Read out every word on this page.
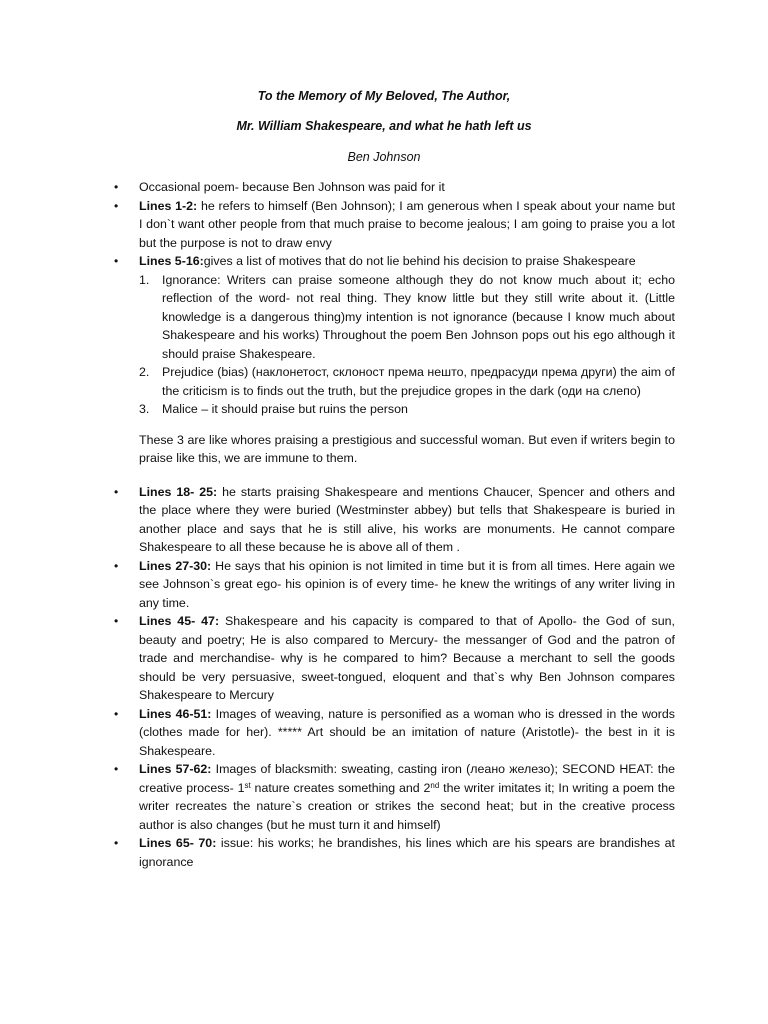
To the Memory of My Beloved, The Author,
Mr. William Shakespeare, and what he hath left us
Ben Johnson
•	Occasional poem- because Ben Johnson was paid for it
•	Lines 1-2: he refers to himself (Ben Johnson); I am generous when I speak about your name but I don`t want other people from that much praise to become jealous; I am going to praise you a lot but the purpose is not to draw envy
•	Lines 5-16:gives a list of motives that do not lie behind his decision to praise Shakespeare
1. Ignorance: Writers can praise someone although they do not know much about it; echo reflection of the word- not real thing. They know little but they still write about it. (Little knowledge is a dangerous thing)my intention is not ignorance (because I know much about Shakespeare and his works) Throughout the poem Ben Johnson pops out his ego although it should praise Shakespeare.
2. Prejudice (bias) (наклонетост, склоност према нешто, предрасуди према други) the aim of the criticism is to finds out the truth, but the prejudice gropes in the dark (оди на слепо)
3. Malice – it should praise but ruins the person

These 3 are like whores praising a prestigious and successful woman. But even if writers begin to praise like this, we are immune to them.

•	Lines 18- 25: he starts praising Shakespeare and mentions Chaucer, Spencer and others and the place where they were buried (Westminster abbey) but tells that Shakespeare is buried in another place and says that he is still alive, his works are monuments. He cannot compare Shakespeare to all these because he is above all of them .
•	Lines 27-30: He says that his opinion is not limited in time but it is from all times. Here again we see Johnson`s great ego- his opinion is of every time- he knew the writings of any writer living in any time.
•	Lines 45- 47: Shakespeare and his capacity is compared to that of Apollo- the God of sun, beauty and poetry; He is also compared to Mercury- the messanger of God and the patron of trade and merchandise- why is he compared to him? Because a merchant to sell the goods should be very persuasive, sweet-tongued, eloquent and that`s why Ben Johnson compares Shakespeare to Mercury
•	Lines 46-51: Images of weaving, nature is personified as a woman who is dressed in the words (clothes made for her). ***** Art should be an imitation of nature (Aristotle)- the best in it is Shakespeare.
•	Lines 57-62: Images of blacksmith: sweating, casting iron (леано железо); SECOND HEAT: the creative process- 1st nature creates something and 2nd the writer imitates it; In writing a poem the writer recreates the nature`s creation or strikes the second heat; but in the creative process author is also changes (but he must turn it and himself)
•	Lines 65- 70: issue: his works; he brandishes, his lines which are his spears are brandishes at ignorance
